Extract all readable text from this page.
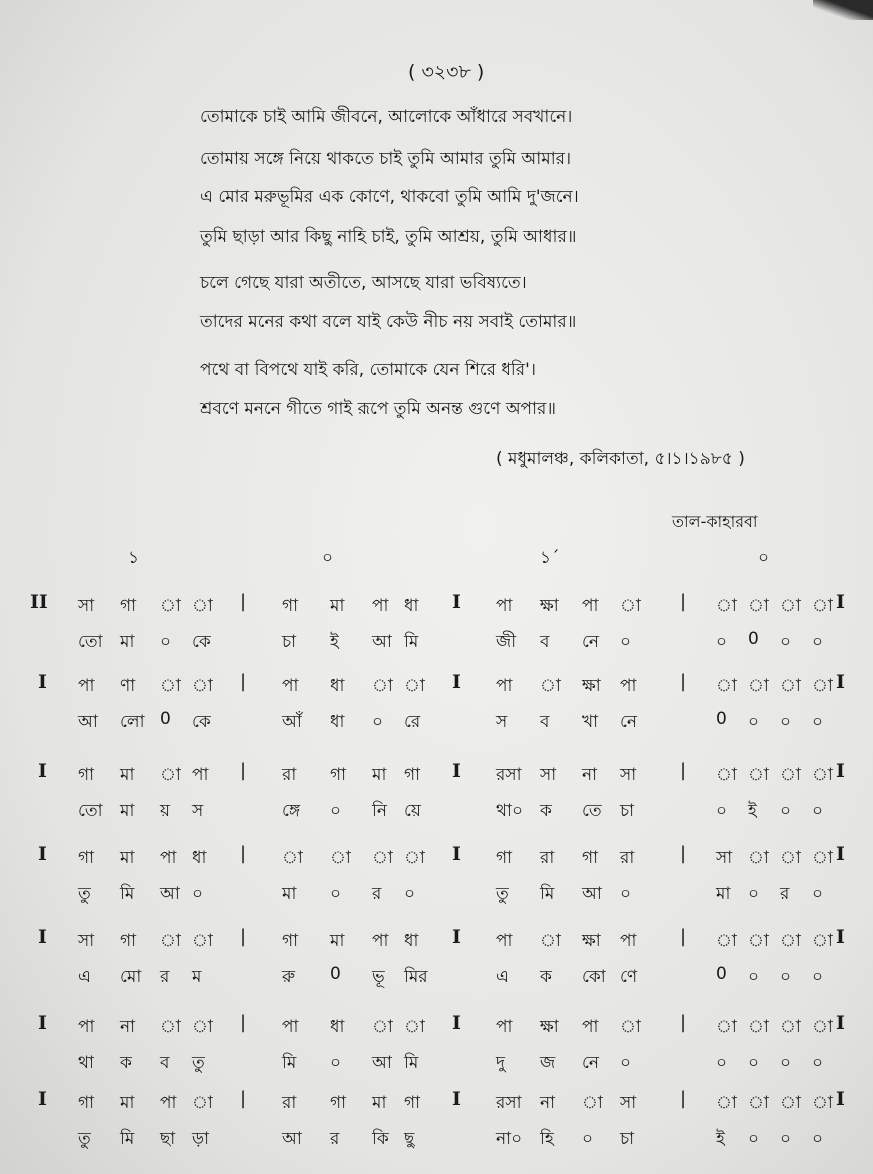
( ৩২৩৮ )
তোমাকে চাই আমি জীবনে, আলোকে আঁধারে সবখানে।
তোমায় সঙ্গে নিয়ে থাকতে চাই তুমি আমার তুমি আমার।
এ মোর মরুভূমির এক কোণে, থাকবো তুমি আমি দু'জনে।
তুমি ছাড়া আর কিছু নাহি চাই, তুমি আশ্রয়, তুমি আধার॥
চলে গেছে যারা অতীতে, আসছে যারা ভবিষ্যতে।
তাদের মনের কথা বলে যাই কেউ নীচ নয় সবাই তোমার॥
পথে বা বিপথে যাই করি, তোমাকে যেন শিরে ধরি'।
শ্রবণে মননে গীতে গাই রূপে তুমি অনন্ত গুণে অপার॥
( মধুমালঞ্চ, কলিকাতা, ৫।১।১৯৮৫ )
তাল-কাহারবা
১	০	১´	০
II	|	|
I	I
সা গা া া	গা মা পা ধা	পা ক্ষা পা া	া া া া
তো মা ০ কে	চা ই আ মি	জী ব নে ০	০ 0 ০ ০
I	|	|
I	I
পা ণা া া	পা ধা া া	পা া ক্ষা পা	া া া া
আ লো 0 কে	আঁ ধা ০ রে	স ব খা নে	0 ০ ০ ০
I	|	|
I	I
গা মা া পা	রা গা মা গা	রসা সা না সা	া া া া
তো মা য় স	ঙ্গে ০ নি য়ে	থা০ ক তে চা	০ ই ০ ০
I	|	|
I	I
গা মা পা ধা	া া া া	গা রা গা রা	সা া া া
তু মি আ ০	মা ০ র ০	তু মি আ ০	মা ০ র ০
I	|	|
I	I
সা গা া া	গা মা পা ধা	পা া ক্ষা পা	া া া া
এ মো র ম	রু 0 ভূ মির	এ ক কো ণে	0 ০ ০ ০
I	|	|
I	I
পা না া া	পা ধা া া	পা ক্ষা পা া	া া া া
থা ক ব তু	মি ০ আ মি	দু জ নে ০	০ ০ ০ ০
I	|	|
I	I
গা মা পা া	রা গা মা গা	রসা না া সা	া া া া
তু মি ছা ড়া	আ র কি ছু	না০ হি ০ চা	ই ০ ০ ০
